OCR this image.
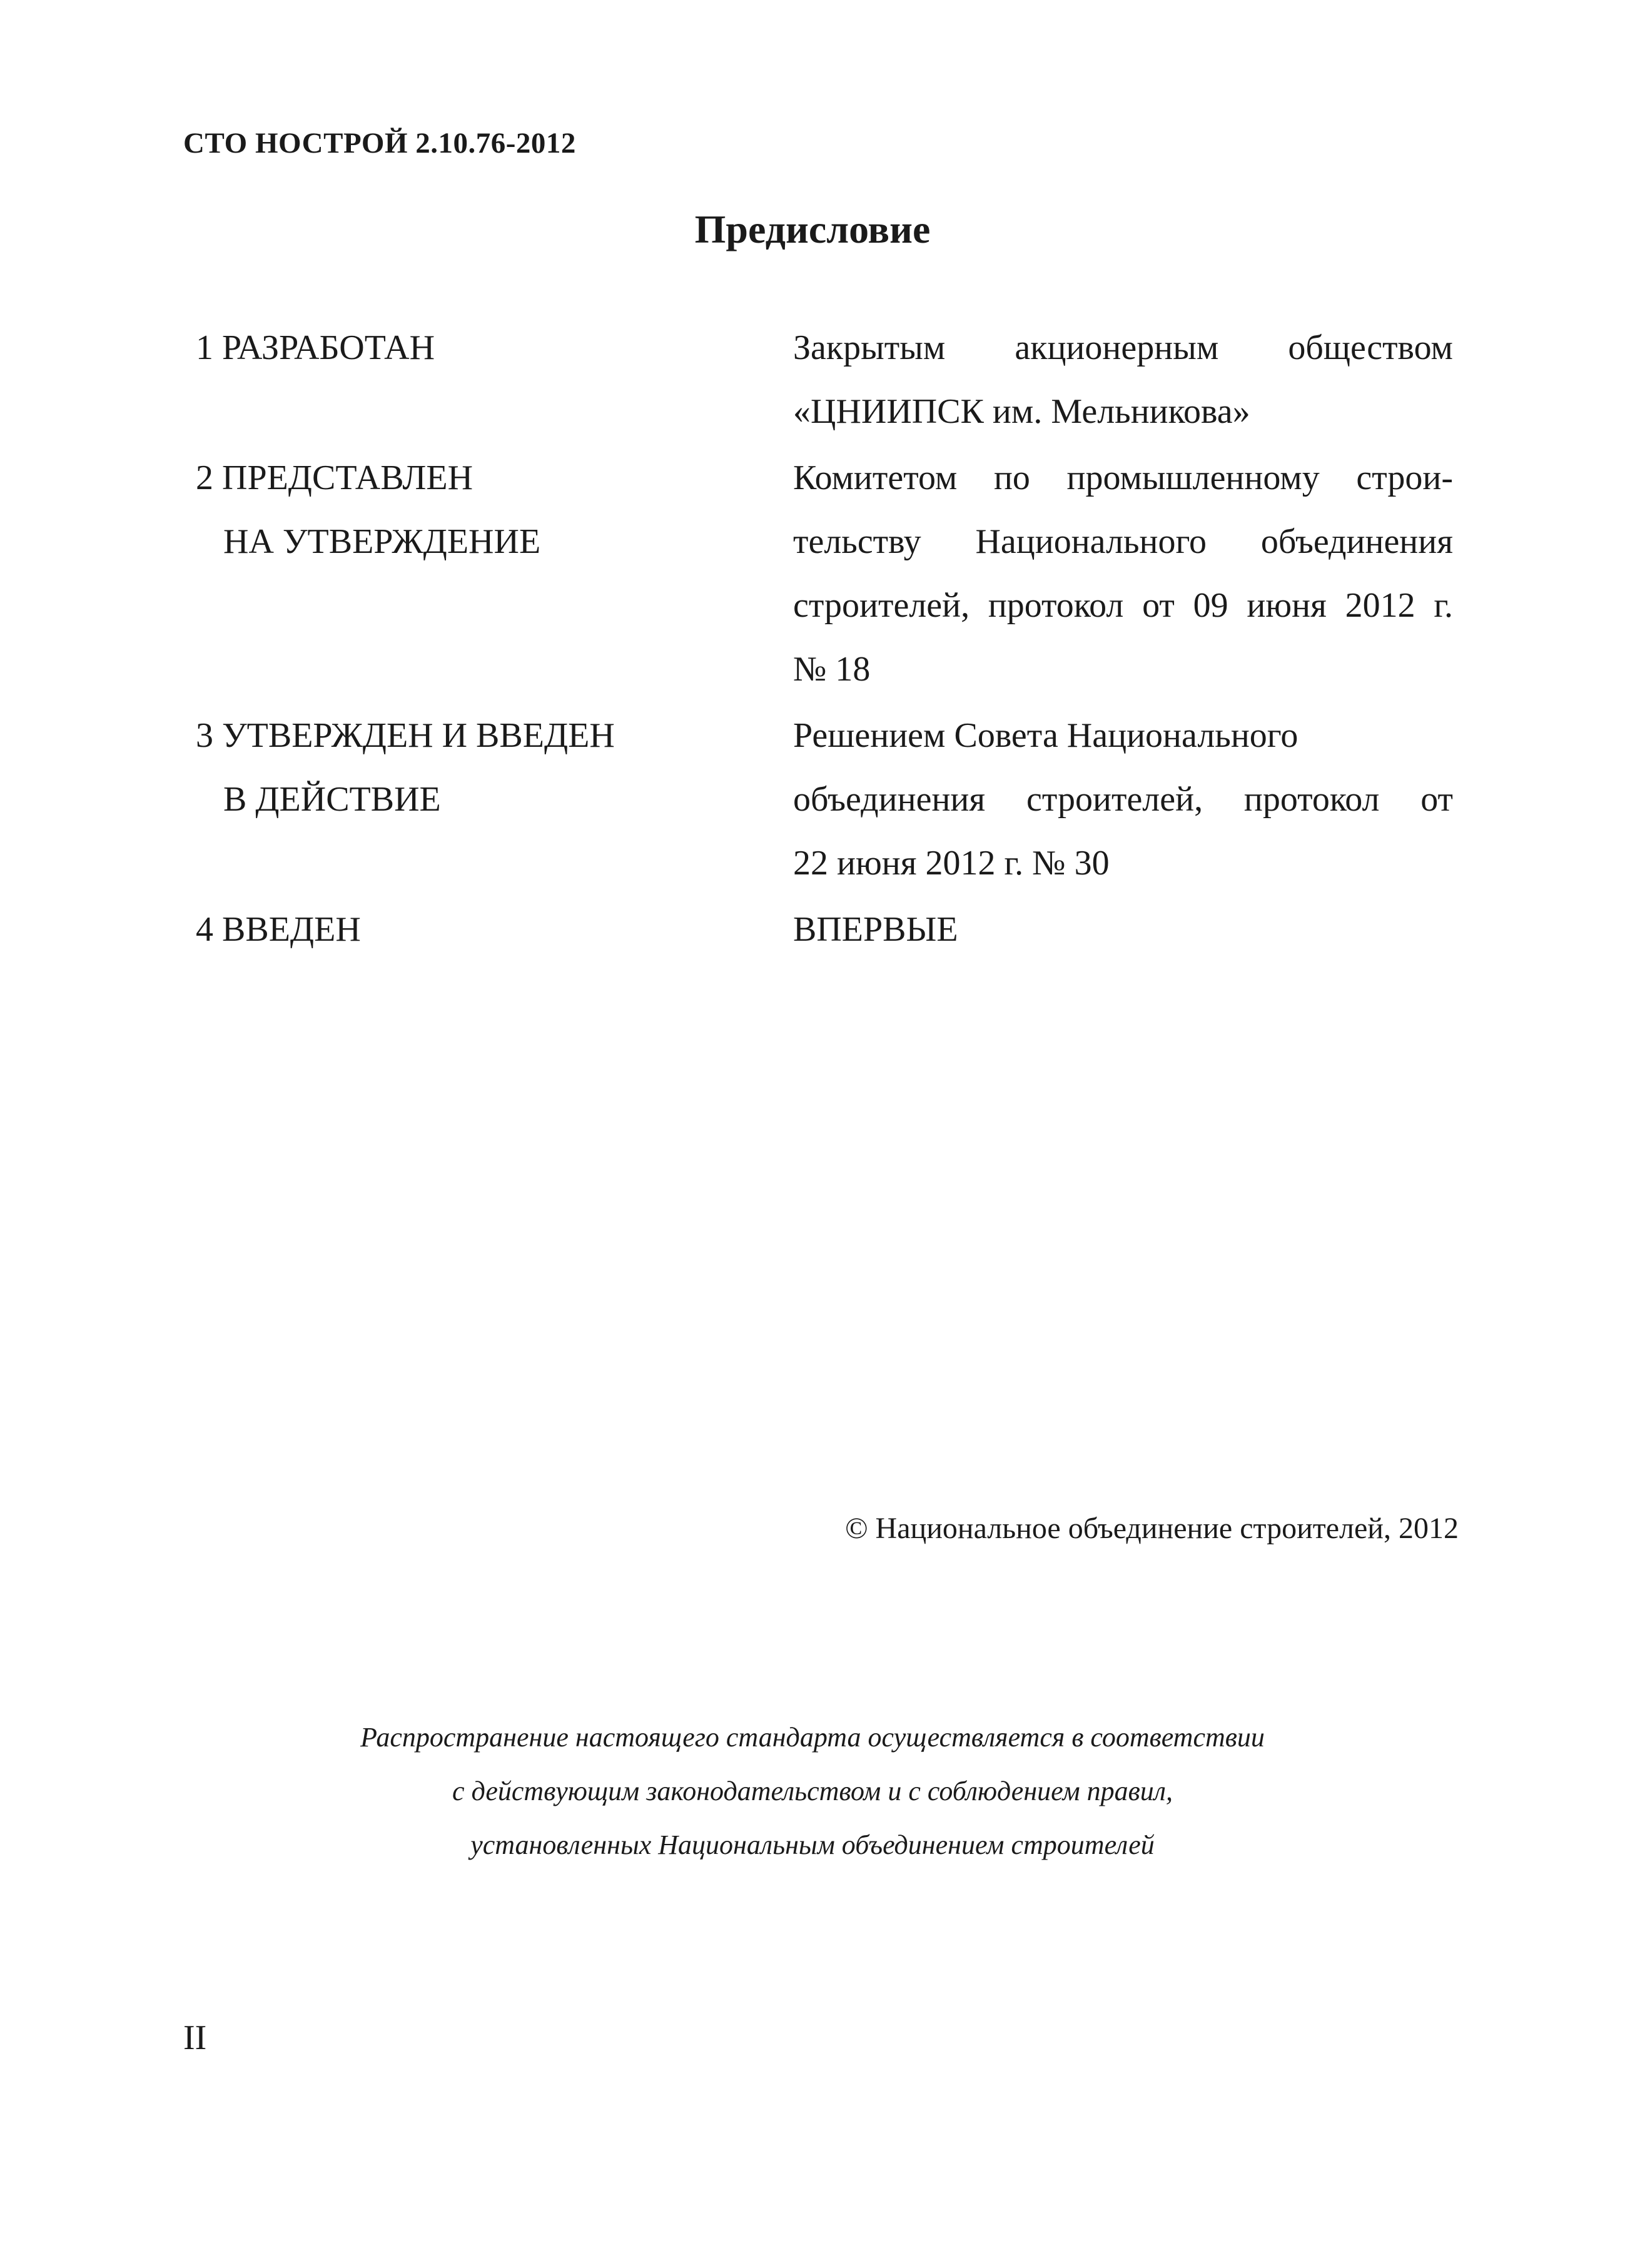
СТО НОСТРОЙ 2.10.76-2012
Предисловие
1 РАЗРАБОТАН	Закрытым акционерным обществом
«ЦНИИПСК им. Мельникова»
2 ПРЕДСТАВЛЕН
НА УТВЕРЖДЕНИЕ
Комитетом по промышленному строи-
тельству Национального объединения
строителей, протокол от 09 июня 2012 г.
№ 18
3 УТВЕРЖДЕН И ВВЕДЕН
В ДЕЙСТВИЕ
Решением Совета Национального
объединения строителей, протокол от
22 июня 2012 г. № 30
4 ВВЕДЕН	ВПЕРВЫЕ
© Национальное объединение строителей, 2012
Распространение настоящего стандарта осуществляется в соответствии
с действующим законодательством и с соблюдением правил,
установленных Национальным объединением строителей
II
